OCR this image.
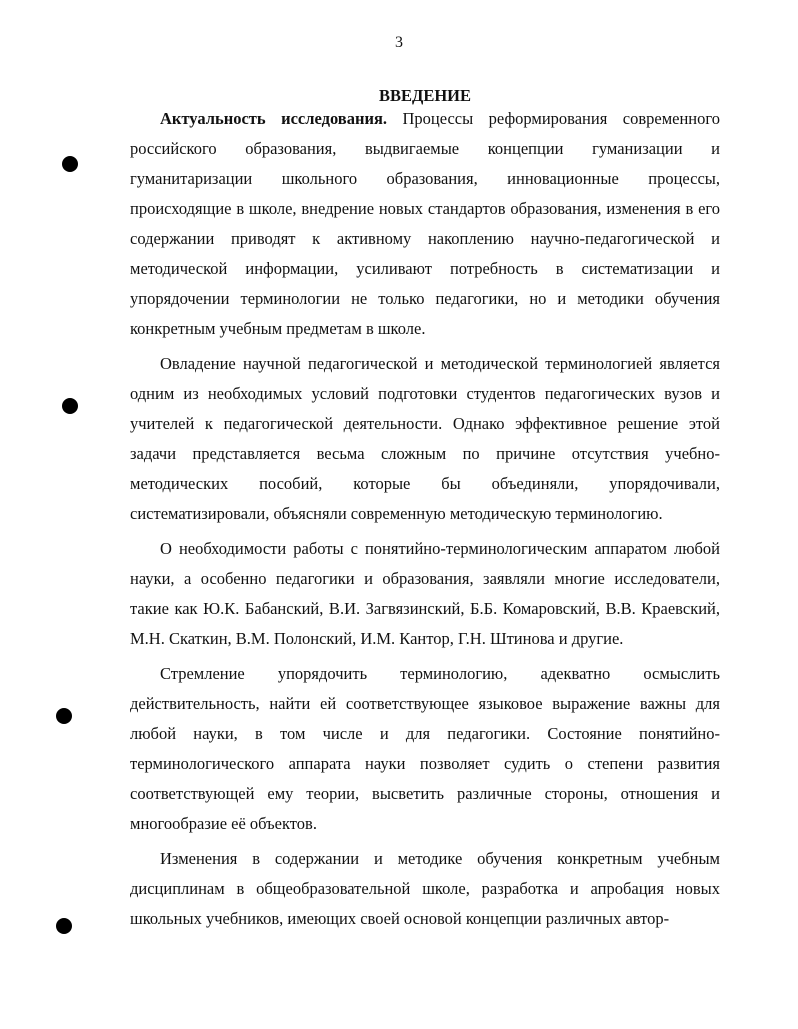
3
ВВЕДЕНИЕ

Актуальность исследования. Процессы реформирования современного российского образования, выдвигаемые концепции гуманизации и гуманитаризации школьного образования, инновационные процессы, происходящие в школе, внедрение новых стандартов образования, изменения в его содержании приводят к активному накоплению научно-педагогической и методической информации, усиливают потребность в систематизации и упорядочении терминологии не только педагогики, но и методики обучения конкретным учебным предметам в школе.

Овладение научной педагогической и методической терминологией является одним из необходимых условий подготовки студентов педагогических вузов и учителей к педагогической деятельности. Однако эффективное решение этой задачи представляется весьма сложным по причине отсутствия учебно-методических пособий, которые бы объединяли, упорядочивали, систематизировали, объясняли современную методическую терминологию.

О необходимости работы с понятийно-терминологическим аппаратом любой науки, а особенно педагогики и образования, заявляли многие исследователи, такие как Ю.К. Бабанский, В.И. Загвязинский, Б.Б. Комаровский, В.В. Краевский, М.Н. Скаткин, В.М. Полонский, И.М. Кантор, Г.Н. Штинова и другие.

Стремление упорядочить терминологию, адекватно осмыслить действительность, найти ей соответствующее языковое выражение важны для любой науки, в том числе и для педагогики. Состояние понятийно-терминологического аппарата науки позволяет судить о степени развития соответствующей ему теории, высветить различные стороны, отношения и многообразие её объектов.

Изменения в содержании и методике обучения конкретным учебным дисциплинам в общеобразовательной школе, разработка и апробация новых школьных учебников, имеющих своей основой концепции различных автор-
